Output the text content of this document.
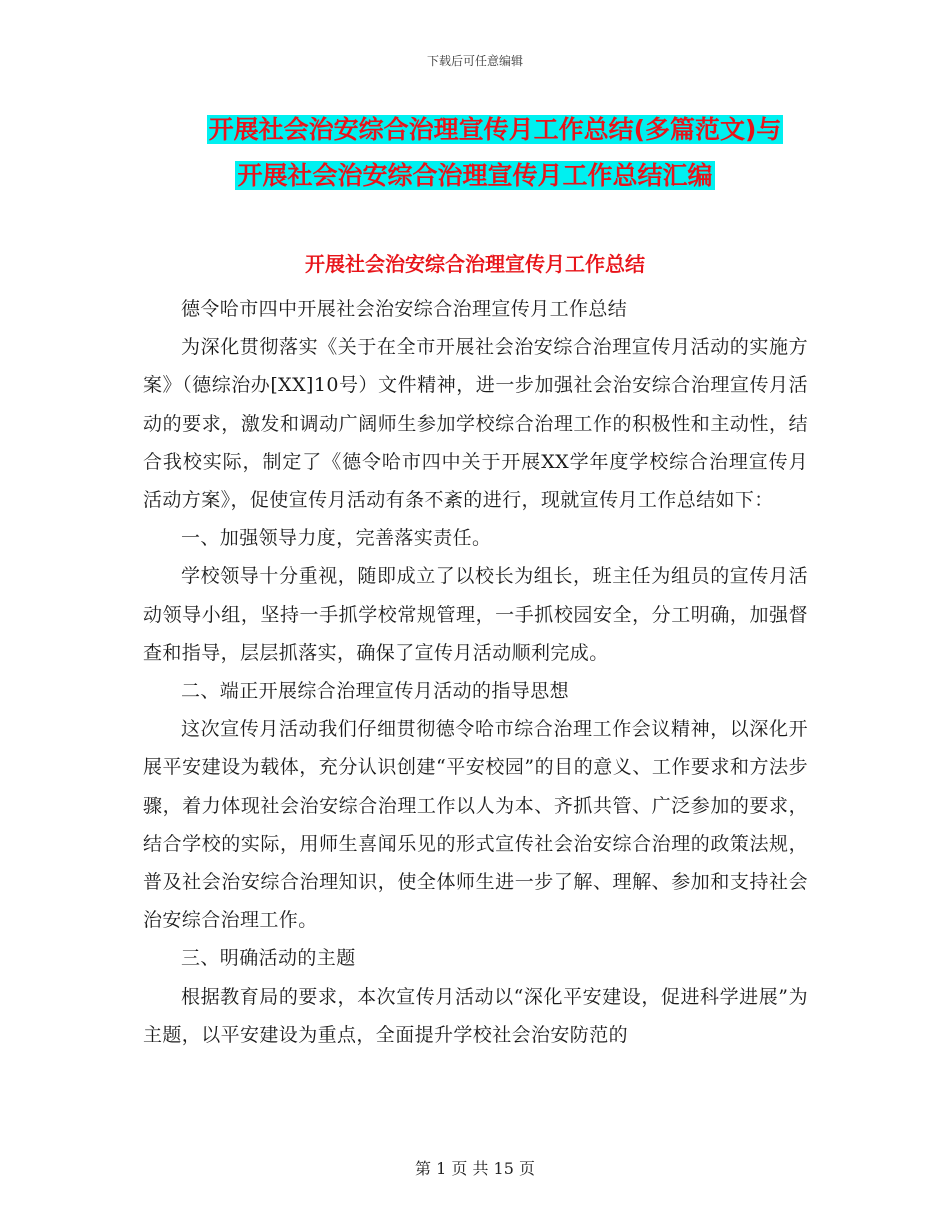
下载后可任意编辑
开展社会治安综合治理宣传月工作总结(多篇范文)与
开展社会治安综合治理宣传月工作总结汇编
开展社会治安综合治理宣传月工作总结

德令哈市四中开展社会治安综合治理宣传月工作总结

为深化贯彻落实《关于在全市开展社会治安综合治理宣传月活动的实施方案》（德综治办[XX]10号）文件精神，进一步加强社会治安综合治理宣传月活动的要求，激发和调动广阔师生参加学校综合治理工作的积极性和主动性，结合我校实际，制定了《德令哈市四中关于开展XX学年度学校综合治理宣传月活动方案》，促使宣传月活动有条不紊的进行，现就宣传月工作总结如下：

一、加强领导力度，完善落实责任。

学校领导十分重视，随即成立了以校长为组长，班主任为组员的宣传月活动领导小组，坚持一手抓学校常规管理，一手抓校园安全，分工明确，加强督查和指导，层层抓落实，确保了宣传月活动顺利完成。

二、端正开展综合治理宣传月活动的指导思想

这次宣传月活动我们仔细贯彻德令哈市综合治理工作会议精神，以深化开展平安建设为载体，充分认识创建“平安校园”的目的意义、工作要求和方法步骤，着力体现社会治安综合治理工作以人为本、齐抓共管、广泛参加的要求，结合学校的实际，用师生喜闻乐见的形式宣传社会治安综合治理的政策法规，普及社会治安综合治理知识，使全体师生进一步了解、理解、参加和支持社会治安综合治理工作。

三、明确活动的主题

根据教育局的要求，本次宣传月活动以“深化平安建设，促进科学进展”为主题，以平安建设为重点，全面提升学校社会治安防范的

第 1 页 共 15 页
